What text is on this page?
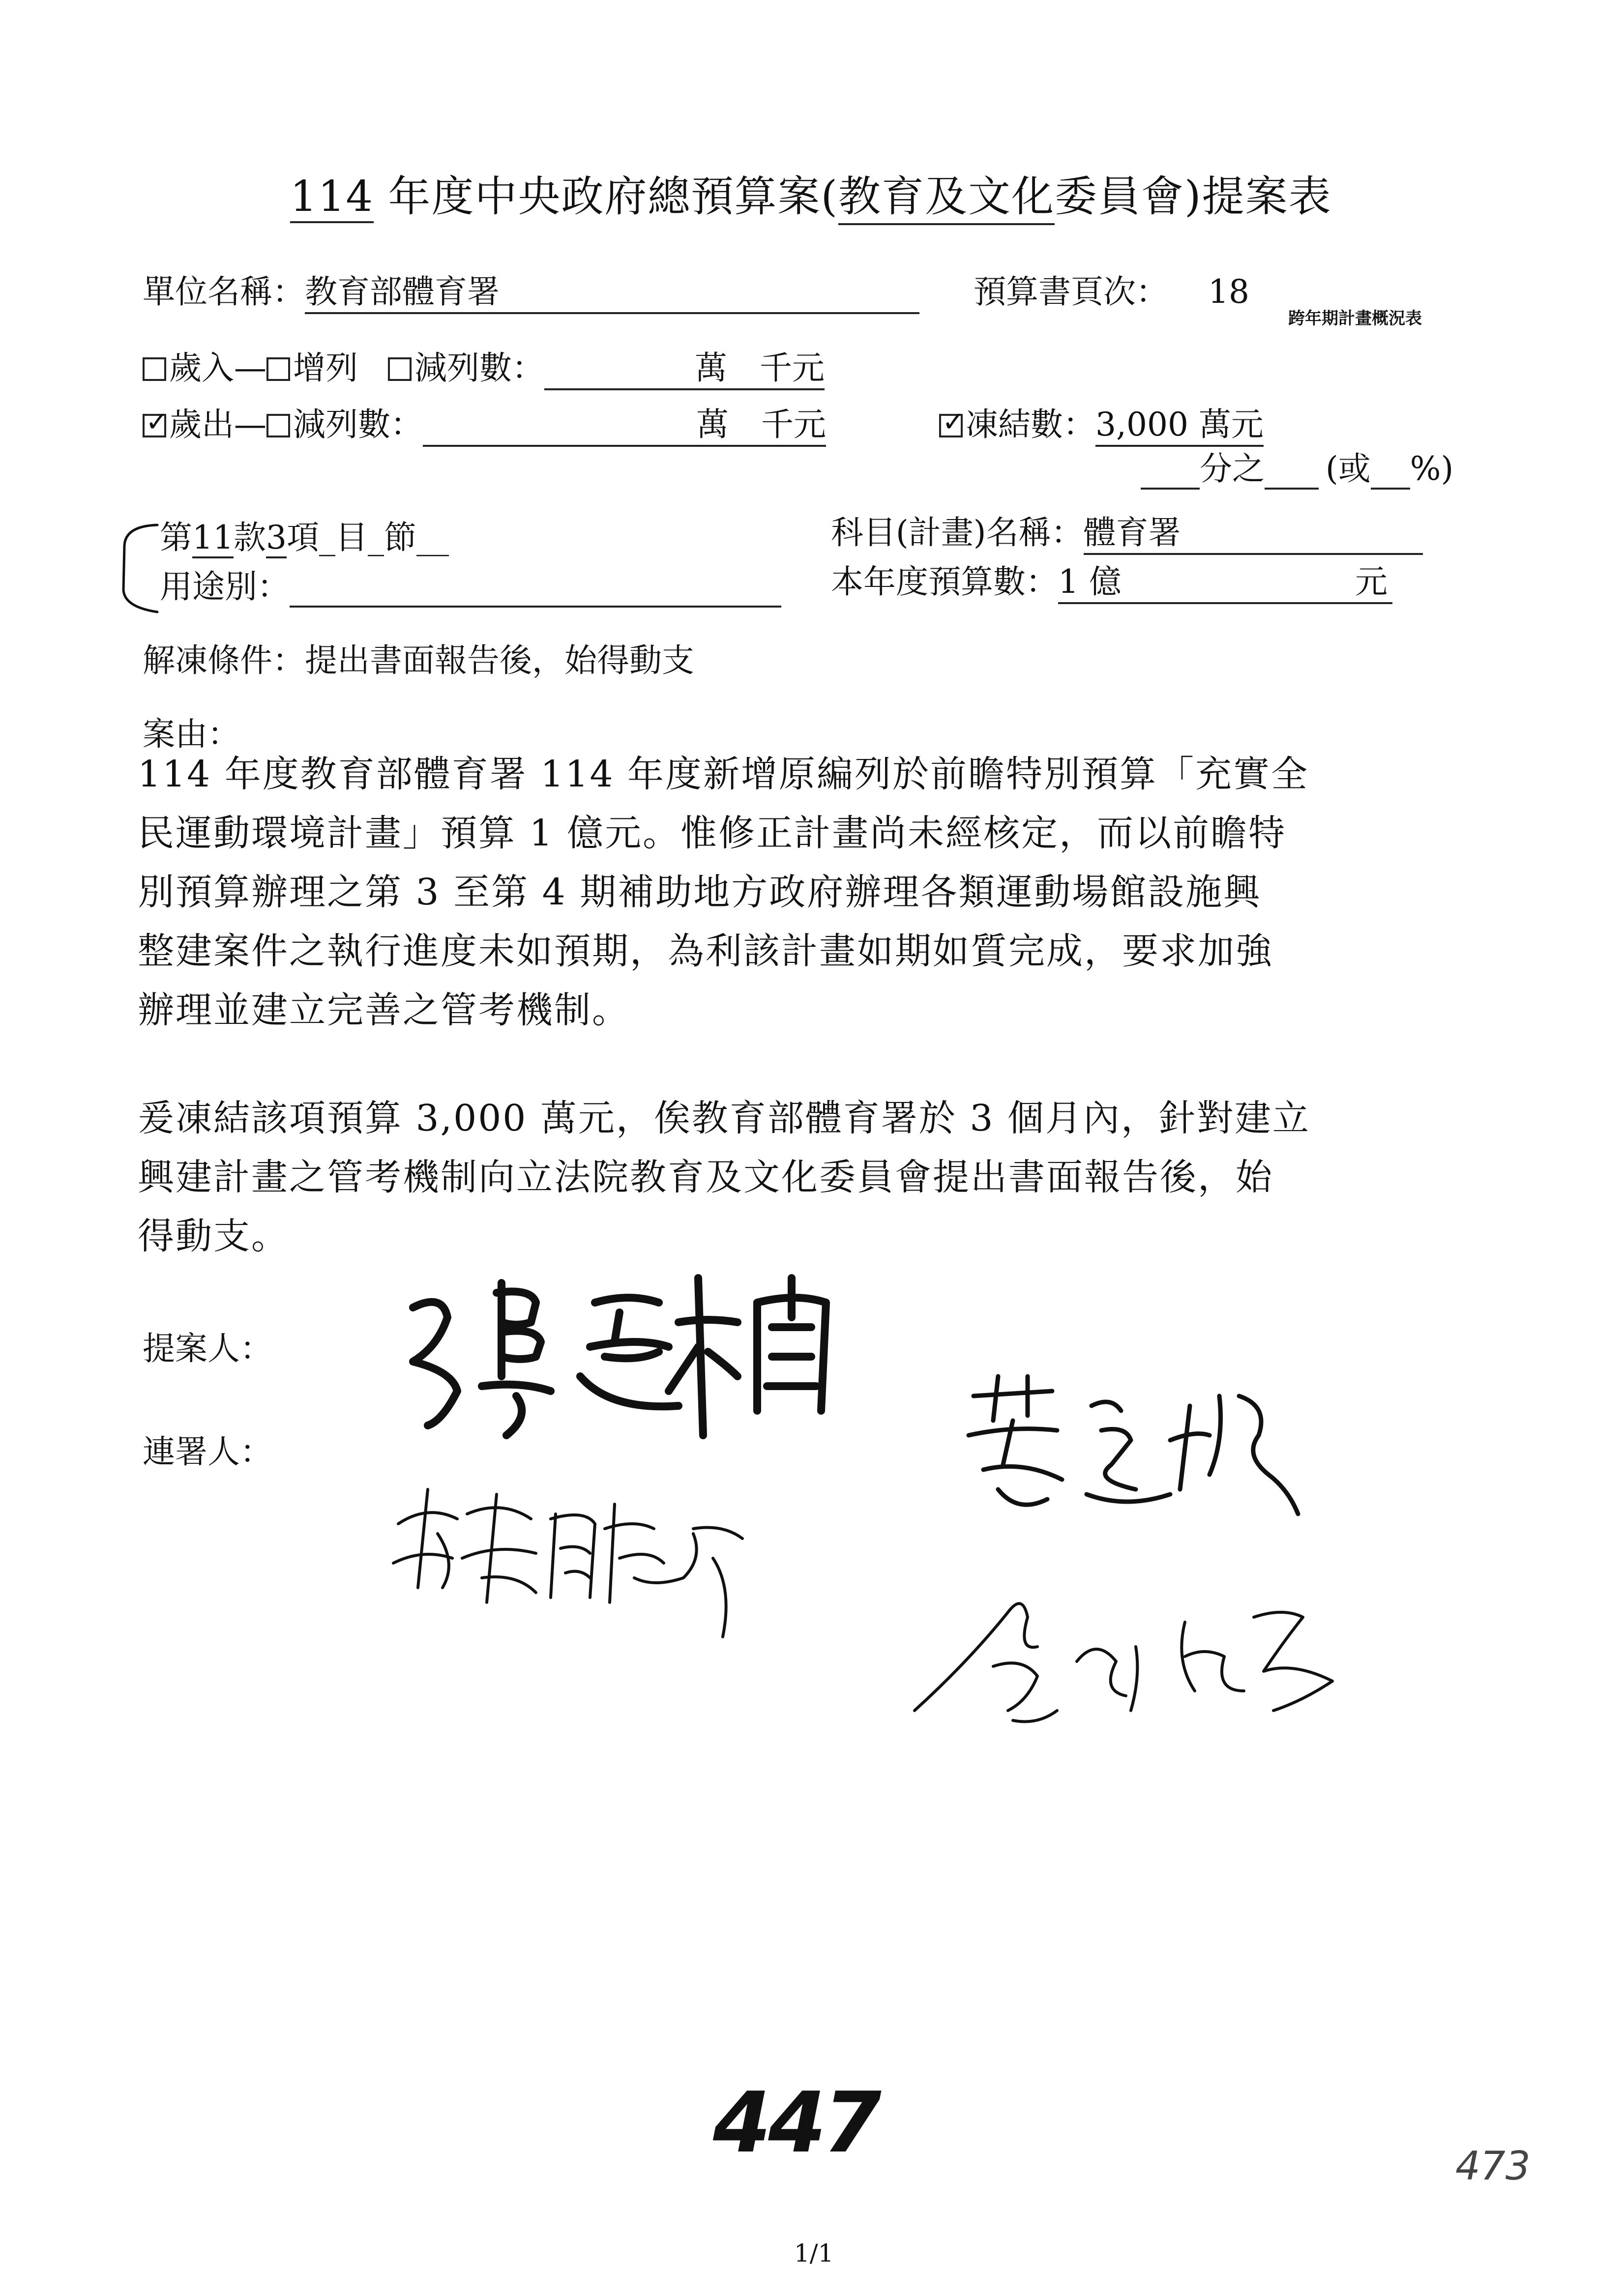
114 年度中央政府總預算案(教育及文化委員會)提案表
單位名稱：教育部體育署	預算書頁次： 18
跨年期計畫概況表
歲入— 增列 減列數：	萬　千元
✓歲出— 減列數：	萬　千元
✓	凍結數：3,000 萬元
分之 (或 %)
第11款3項_目_節__	科目(計畫)名稱：體育署
用途別：	本年度預算數：1 億	元
解凍條件：提出書面報告後，始得動支
案由：
114 年度教育部體育署 114 年度新增原編列於前瞻特別預算「充實全
民運動環境計畫」預算 1 億元。惟修正計畫尚未經核定，而以前瞻特
別預算辦理之第 3 至第 4 期補助地方政府辦理各類運動場館設施興
整建案件之執行進度未如預期，為利該計畫如期如質完成，要求加強
辦理並建立完善之管考機制。
爰凍結該項預算 3,000 萬元，俟教育部體育署於 3 個月內，針對建立
興建計畫之管考機制向立法院教育及文化委員會提出書面報告後，始
得動支。
提案人：
連署人：
447	473
1/1
